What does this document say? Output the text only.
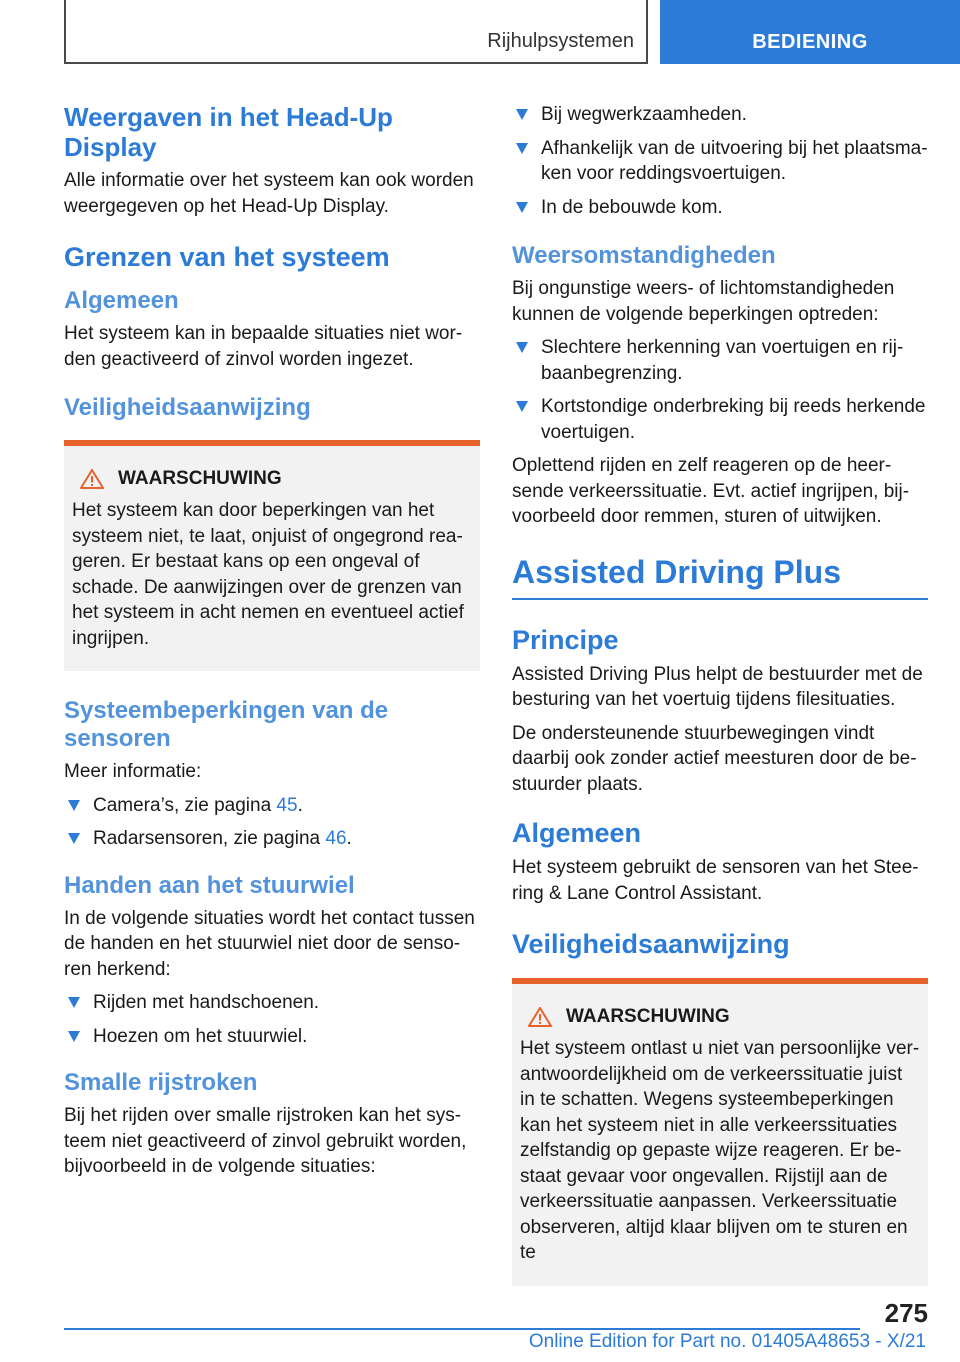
Rijhulpsystemen	BEDIENING
Weergaven in het Head-Up Display

Alle informatie over het systeem kan ook worden weergegeven op het Head-Up Display.

Grenzen van het systeem
Algemeen

Het systeem kan in bepaalde situaties niet worden geactiveerd of zinvol worden ingezet.

Veiligheidsaanwijzing
WAARSCHUWING
Het systeem kan door beperkingen van het systeem niet, te laat, onjuist of ongegrond reageren. Er bestaat kans op een ongeval of schade. De aanwijzingen over de grenzen van het systeem in acht nemen en eventueel actief ingrijpen.
Systeembeperkingen van de sensoren

Meer informatie:

Camera’s, zie pagina 45.
Radarsensoren, zie pagina 46.
Handen aan het stuurwiel

In de volgende situaties wordt het contact tussen de handen en het stuurwiel niet door de sensoren herkend:

Rijden met handschoenen.
Hoezen om het stuurwiel.
Smalle rijstroken

Bij het rijden over smalle rijstroken kan het systeem niet geactiveerd of zinvol gebruikt worden, bijvoorbeeld in de volgende situaties:

Bij wegwerkzaamheden.
Afhankelijk van de uitvoering bij het plaatsmaken voor reddingsvoertuigen.
In de bebouwde kom.
Weersomstandigheden

Bij ongunstige weers- of lichtomstandigheden kunnen de volgende beperkingen optreden:

Slechtere herkenning van voertuigen en rijbaanbegrenzing.
Kortstondige onderbreking bij reeds herkende voertuigen.

Oplettend rijden en zelf reageren op de heersende verkeerssituatie. Evt. actief ingrijpen, bijvoorbeeld door remmen, sturen of uitwijken.

Assisted Driving Plus
Principe

Assisted Driving Plus helpt de bestuurder met de besturing van het voertuig tijdens filesituaties.

De ondersteunende stuurbewegingen vindt daarbij ook zonder actief meesturen door de bestuurder plaats.

Algemeen

Het systeem gebruikt de sensoren van het Steering & Lane Control Assistant.

Veiligheidsaanwijzing
WAARSCHUWING
Het systeem ontlast u niet van persoonlijke verantwoordelijkheid om de verkeerssituatie juist in te schatten. Wegens systeembeperkingen kan het systeem niet in alle verkeerssituaties zelfstandig op gepaste wijze reageren. Er bestaat gevaar voor ongevallen. Rijstijl aan de verkeerssituatie aanpassen. Verkeerssituatie observeren, altijd klaar blijven om te sturen en te
275
Online Edition for Part no. 01405A48653 - X/21
